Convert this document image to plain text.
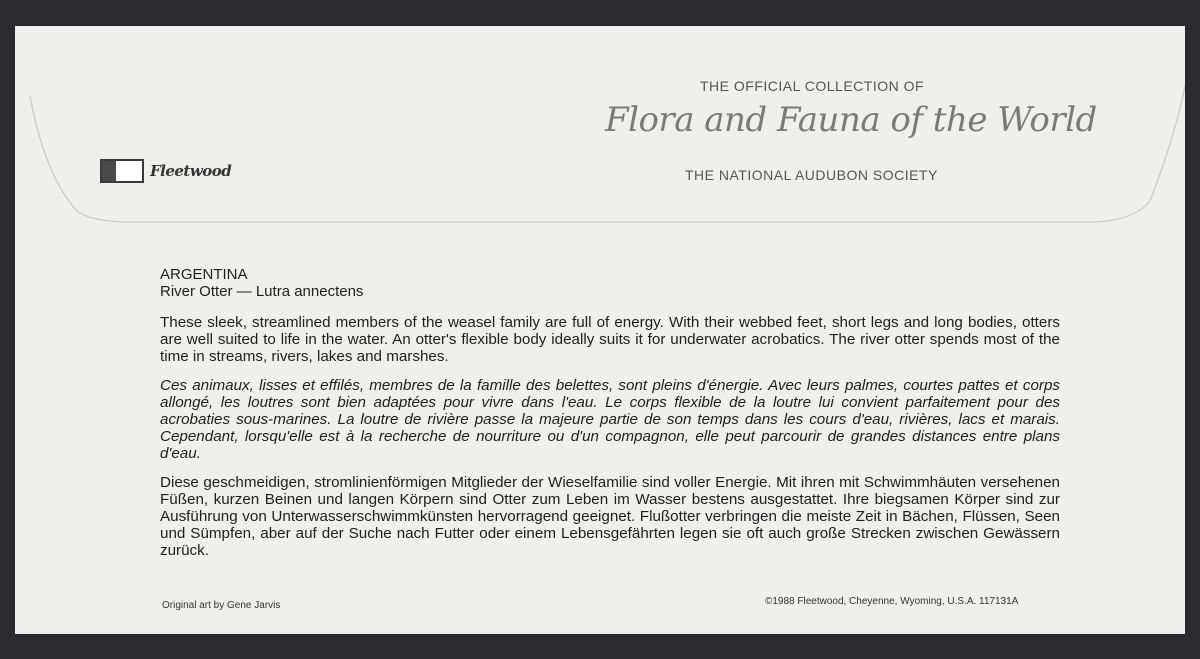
Fleetwood
THE OFFICIAL COLLECTION OF
Flora and Fauna of the World
THE NATIONAL AUDUBON SOCIETY

ARGENTINA

River Otter — Lutra annectens

These sleek, streamlined members of the weasel family are full of energy. With their webbed feet, short legs and long bodies, otters are well suited to life in the water. An otter's flexible body ideally suits it for underwater acrobatics. The river otter spends most of the time in streams, rivers, lakes and marshes.

Ces animaux, lisses et effilés, membres de la famille des belettes, sont pleins d'énergie. Avec leurs palmes, courtes pattes et corps allongé, les loutres sont bien adaptées pour vivre dans l'eau. Le corps flexible de la loutre lui convient parfaitement pour des acrobaties sous-marines. La loutre de rivière passe la majeure partie de son temps dans les cours d'eau, rivières, lacs et marais. Cependant, lorsqu'elle est à la recherche de nourriture ou d'un compagnon, elle peut parcourir de grandes distances entre plans d'eau.

Diese geschmeidigen, stromlinienförmigen Mitglieder der Wieselfamilie sind voller Energie. Mit ihren mit Schwimmhäuten versehenen Füßen, kurzen Beinen und langen Körpern sind Otter zum Leben im Wasser bestens ausgestattet. Ihre biegsamen Körper sind zur Ausführung von Unterwasserschwimmkünsten hervorragend geeignet. Flußotter verbringen die meiste Zeit in Bächen, Flüssen, Seen und Sümpfen, aber auf der Suche nach Futter oder einem Lebensgefährten legen sie oft auch große Strecken zwischen Gewässern zurück.

Original art by Gene Jarvis	©1988 Fleetwood, Cheyenne, Wyoming, U.S.A. 117131A
